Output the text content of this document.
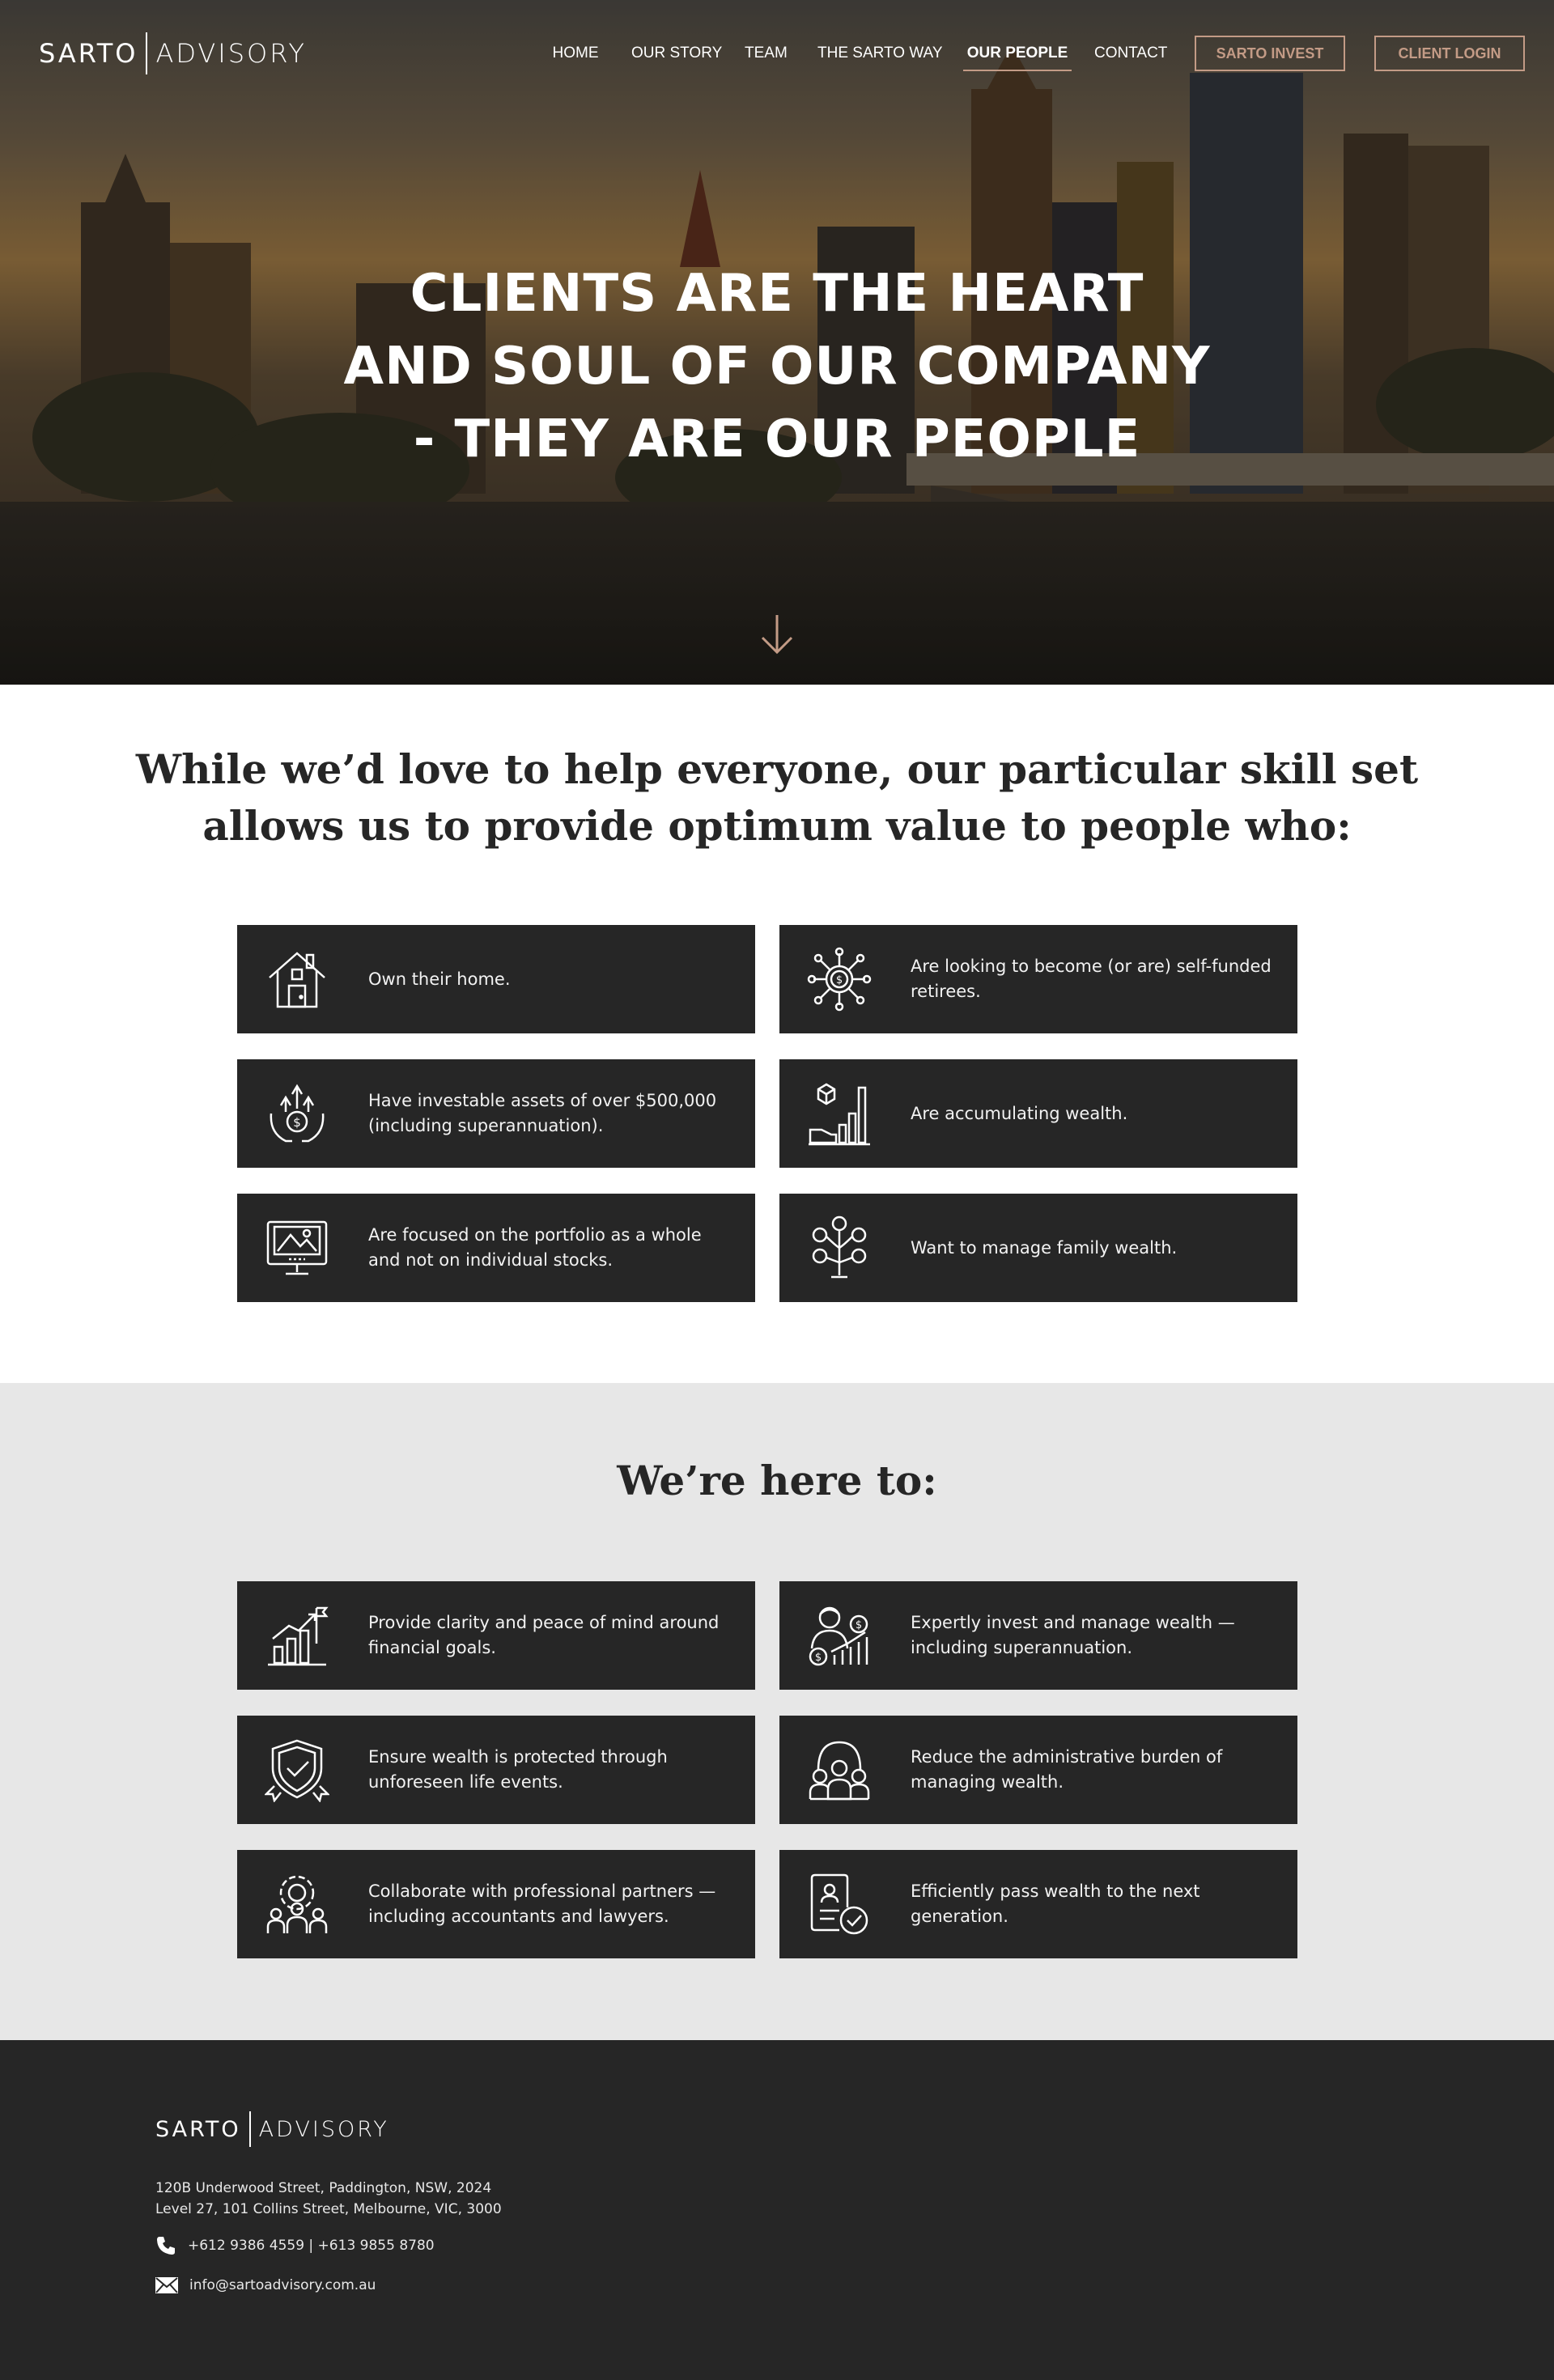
SARTO ADVISORY	HOME OUR STORY TEAM THE SARTO WAY OUR PEOPLE CONTACT	SARTO INVEST	CLIENT LOGIN
CLIENTS ARE THE HEART
AND SOUL OF OUR COMPANY
- THEY ARE OUR PEOPLE
While we’d love to help everyone, our particular skill set
allows us to provide optimum value to people who:
Own their home.	$
Are looking to become (or are) self-funded retirees.
$
Have investable assets of over $500,000 (including superannuation).
Are accumulating wealth.
Are focused on the portfolio as a whole and not on individual stocks.
Want to manage family wealth.
We’re here to:
Provide clarity and peace of mind around financial goals.
$
$
Expertly invest and manage wealth — including superannuation.
Ensure wealth is protected through unforeseen life events.
Reduce the administrative burden of managing wealth.
Collaborate with professional partners — including accountants and lawyers.
Efficiently pass wealth to the next generation.
SARTO ADVISORY
120B Underwood Street, Paddington, NSW, 2024
Level 27, 101 Collins Street, Melbourne, VIC, 3000
+612 9386 4559 | +613 9855 8780
info@sartoadvisory.com.au
